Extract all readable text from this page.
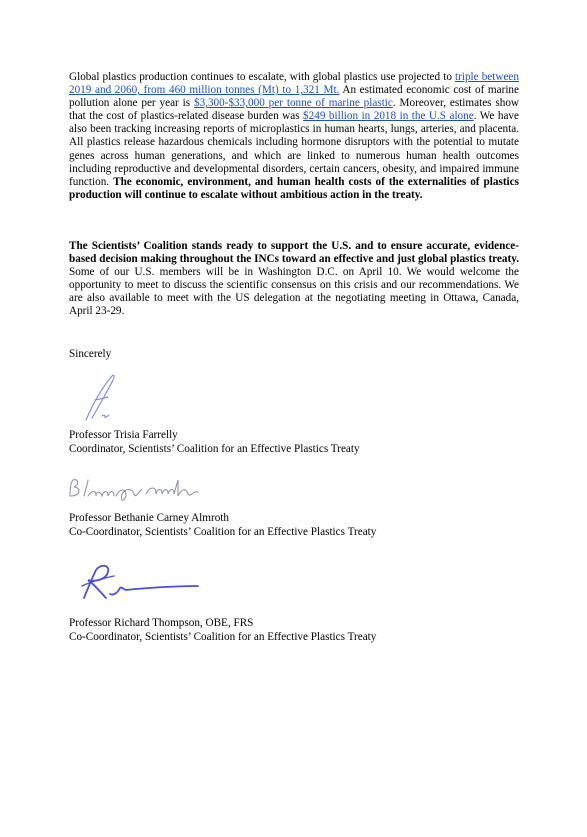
Global plastics production continues to escalate, with global plastics use projected to triple between 2019 and 2060, from 460 million tonnes (Mt) to 1,321 Mt. An estimated economic cost of marine pollution alone per year is $3,300-$33,000 per tonne of marine plastic. Moreover, estimates show that the cost of plastics-related disease burden was $249 billion in 2018 in the U.S alone. We have also been tracking increasing reports of microplastics in human hearts, lungs, arteries, and placenta. All plastics release hazardous chemicals including hormone disruptors with the potential to mutate genes across human generations, and which are linked to numerous human health outcomes including reproductive and developmental disorders, certain cancers, obesity, and impaired immune function. The economic, environment, and human health costs of the externalities of plastics production will continue to escalate without ambitious action in the treaty.
The Scientists’ Coalition stands ready to support the U.S. and to ensure accurate, evidence-based decision making throughout the INCs toward an effective and just global plastics treaty. Some of our U.S. members will be in Washington D.C. on April 10. We would welcome the opportunity to meet to discuss the scientific consensus on this crisis and our recommendations. We are also available to meet with the US delegation at the negotiating meeting in Ottawa, Canada, April 23-29.
Sincerely
Professor Trisia Farrelly
Coordinator, Scientists’ Coalition for an Effective Plastics Treaty
Professor Bethanie Carney Almroth
Co-Coordinator, Scientists’ Coalition for an Effective Plastics Treaty
Professor Richard Thompson, OBE, FRS
Co-Coordinator, Scientists’ Coalition for an Effective Plastics Treaty
